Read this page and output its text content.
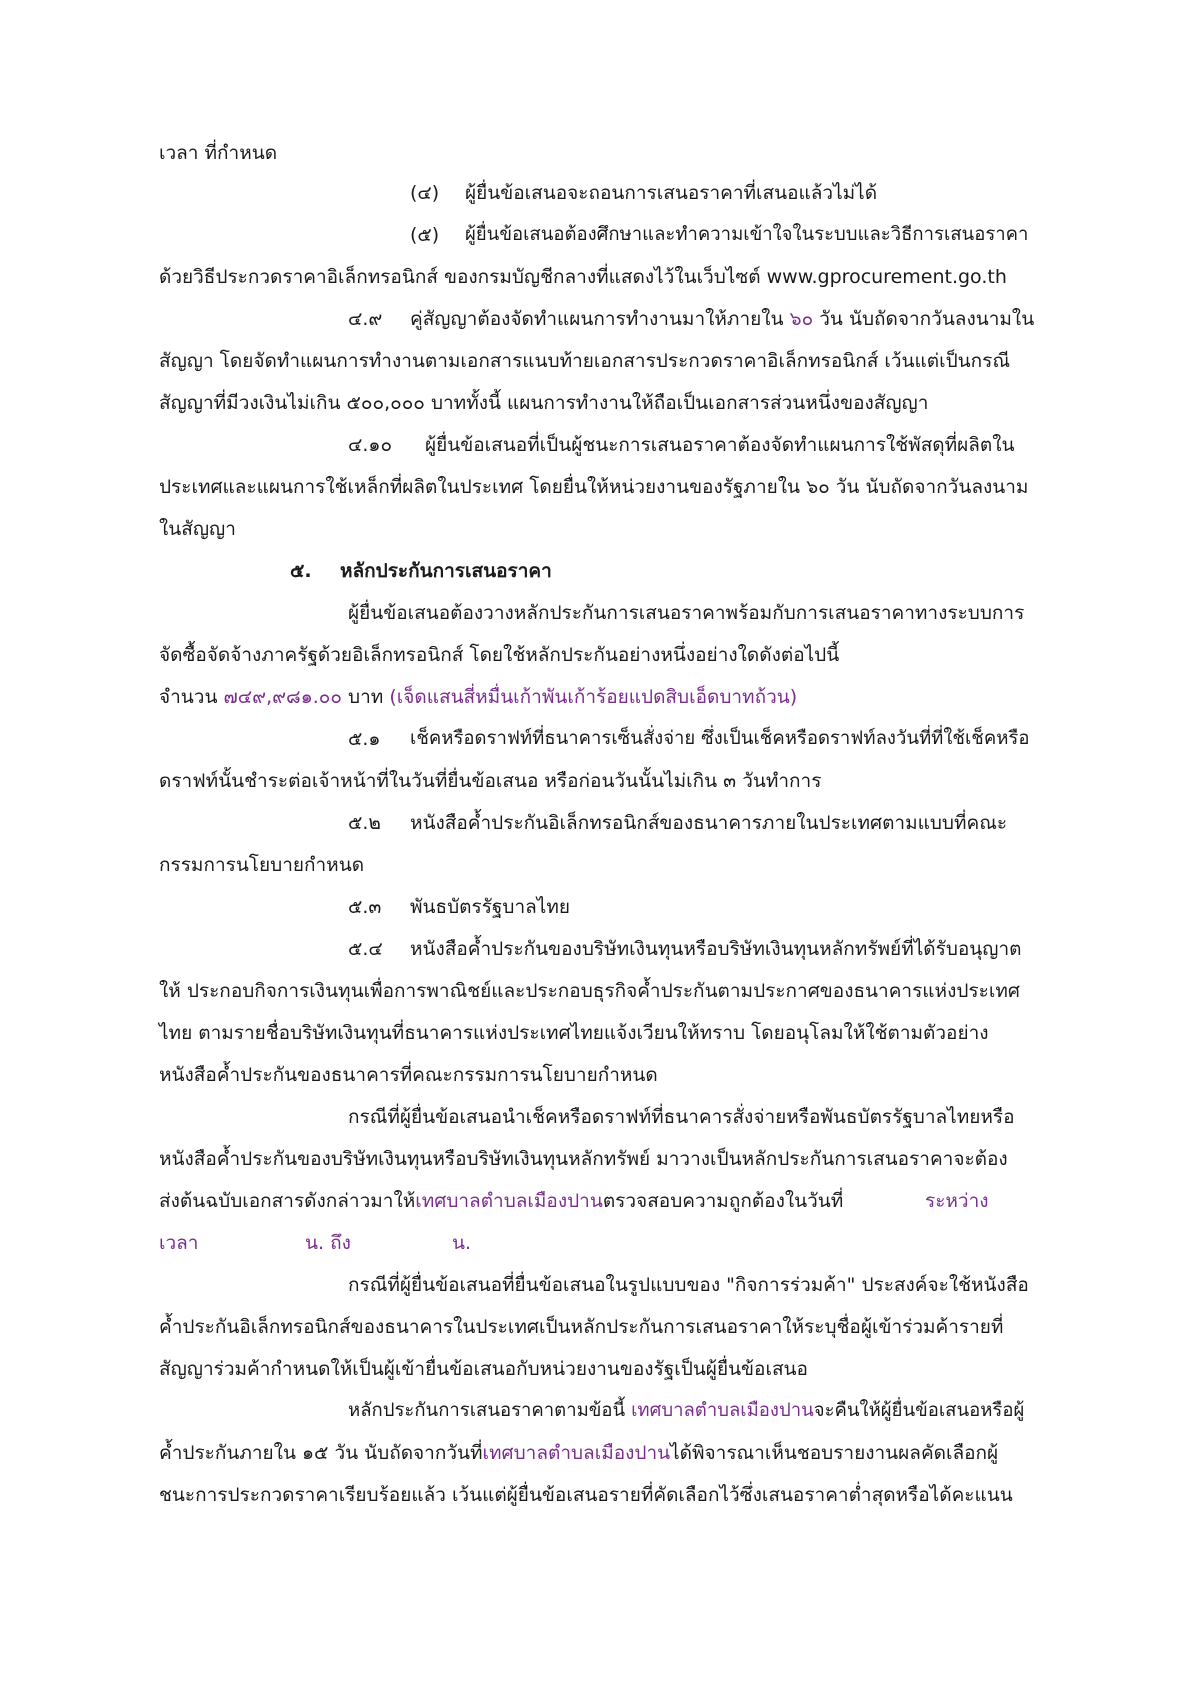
เวลา ที่กำหนด
(๔) ผู้ยื่นข้อเสนอจะถอนการเสนอราคาที่เสนอแล้วไม่ได้
(๕) ผู้ยื่นข้อเสนอต้องศึกษาและทำความเข้าใจในระบบและวิธีการเสนอราคา
ด้วยวิธีประกวดราคาอิเล็กทรอนิกส์ ของกรมบัญชีกลางที่แสดงไว้ในเว็บไซต์ www.gprocurement.go.th
๔.๙ คู่สัญญาต้องจัดทำแผนการทำงานมาให้ภายใน ๖๐ วัน นับถัดจากวันลงนามใน
สัญญา โดยจัดทำแผนการทำงานตามเอกสารแนบท้ายเอกสารประกวดราคาอิเล็กทรอนิกส์ เว้นแต่เป็นกรณี
สัญญาที่มีวงเงินไม่เกิน ๕๐๐,๐๐๐ บาททั้งนี้ แผนการทำงานให้ถือเป็นเอกสารส่วนหนึ่งของสัญญา
๔.๑๐ ผู้ยื่นข้อเสนอที่เป็นผู้ชนะการเสนอราคาต้องจัดทำแผนการใช้พัสดุที่ผลิตใน
ประเทศและแผนการใช้เหล็กที่ผลิตในประเทศ โดยยื่นให้หน่วยงานของรัฐภายใน ๖๐ วัน นับถัดจากวันลงนาม
ในสัญญา
๕. หลักประกันการเสนอราคา
ผู้ยื่นข้อเสนอต้องวางหลักประกันการเสนอราคาพร้อมกับการเสนอราคาทางระบบการ
จัดซื้อจัดจ้างภาครัฐด้วยอิเล็กทรอนิกส์ โดยใช้หลักประกันอย่างหนึ่งอย่างใดดังต่อไปนี้
จำนวน ๗๔๙,๙๘๑.๐๐ บาท (เจ็ดแสนสี่หมื่นเก้าพันเก้าร้อยแปดสิบเอ็ดบาทถ้วน)
๕.๑ เช็คหรือดราฟท์ที่ธนาคารเซ็นสั่งจ่าย ซึ่งเป็นเช็คหรือดราฟท์ลงวันที่ที่ใช้เช็คหรือ
ดราฟท์นั้นชำระต่อเจ้าหน้าที่ในวันที่ยื่นข้อเสนอ หรือก่อนวันนั้นไม่เกิน ๓ วันทำการ
๕.๒ หนังสือค้ำประกันอิเล็กทรอนิกส์ของธนาคารภายในประเทศตามแบบที่คณะ
กรรมการนโยบายกำหนด
๕.๓ พันธบัตรรัฐบาลไทย
๕.๔ หนังสือค้ำประกันของบริษัทเงินทุนหรือบริษัทเงินทุนหลักทรัพย์ที่ได้รับอนุญาต
ให้ ประกอบกิจการเงินทุนเพื่อการพาณิชย์และประกอบธุรกิจค้ำประกันตามประกาศของธนาคารแห่งประเทศ
ไทย ตามรายชื่อบริษัทเงินทุนที่ธนาคารแห่งประเทศไทยแจ้งเวียนให้ทราบ โดยอนุโลมให้ใช้ตามตัวอย่าง
หนังสือค้ำประกันของธนาคารที่คณะกรรมการนโยบายกำหนด
กรณีที่ผู้ยื่นข้อเสนอนำเช็คหรือดราฟท์ที่ธนาคารสั่งจ่ายหรือพันธบัตรรัฐบาลไทยหรือ
หนังสือค้ำประกันของบริษัทเงินทุนหรือบริษัทเงินทุนหลักทรัพย์ มาวางเป็นหลักประกันการเสนอราคาจะต้อง
ส่งต้นฉบับเอกสารดังกล่าวมาให้เทศบาลตำบลเมืองปานตรวจสอบความถูกต้องในวันที่	ระหว่าง
เวลา	น. ถึง	น.
กรณีที่ผู้ยื่นข้อเสนอที่ยื่นข้อเสนอในรูปแบบของ "กิจการร่วมค้า" ประสงค์จะใช้หนังสือ
ค้ำประกันอิเล็กทรอนิกส์ของธนาคารในประเทศเป็นหลักประกันการเสนอราคาให้ระบุชื่อผู้เข้าร่วมค้ารายที่
สัญญาร่วมค้ากำหนดให้เป็นผู้เข้ายื่นข้อเสนอกับหน่วยงานของรัฐเป็นผู้ยื่นข้อเสนอ
หลักประกันการเสนอราคาตามข้อนี้ เทศบาลตำบลเมืองปานจะคืนให้ผู้ยื่นข้อเสนอหรือผู้
ค้ำประกันภายใน ๑๕ วัน นับถัดจากวันที่เทศบาลตำบลเมืองปานได้พิจารณาเห็นชอบรายงานผลคัดเลือกผู้
ชนะการประกวดราคาเรียบร้อยแล้ว เว้นแต่ผู้ยื่นข้อเสนอรายที่คัดเลือกไว้ซึ่งเสนอราคาต่ำสุดหรือได้คะแนน
